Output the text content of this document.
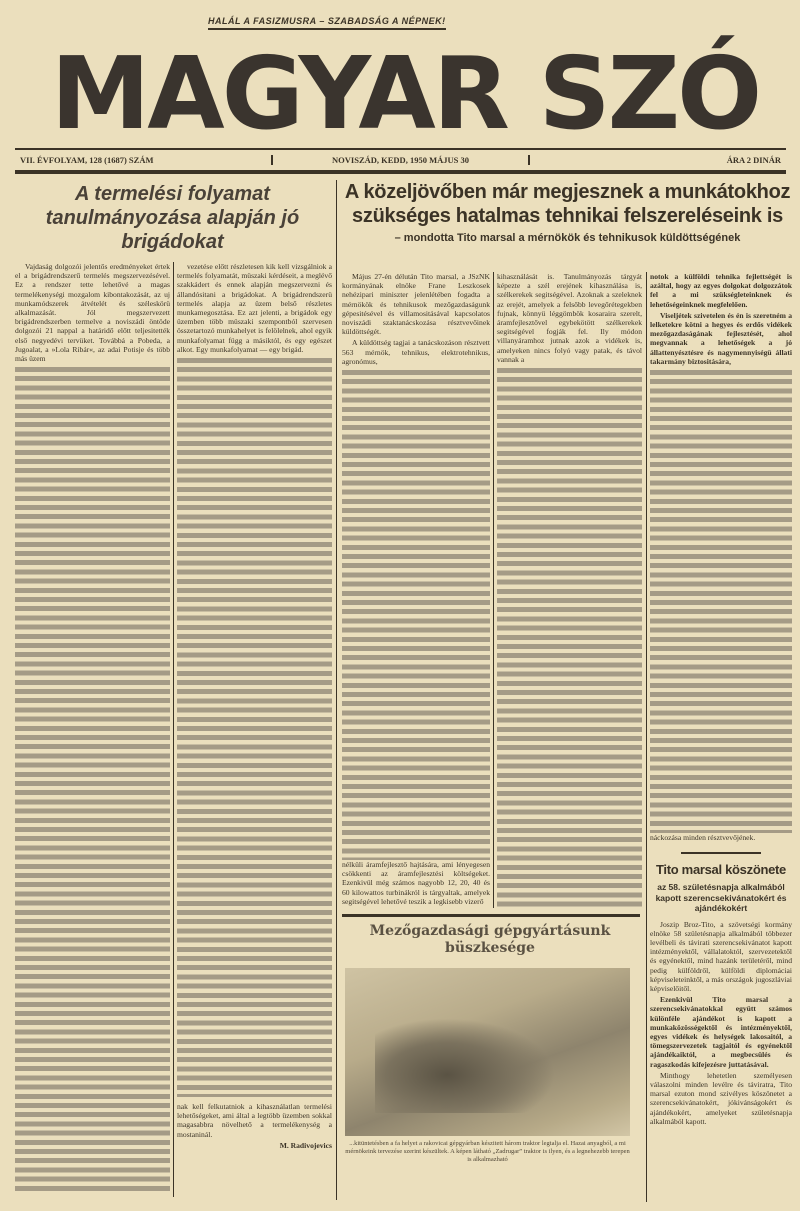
HALÁL A FASIZMUSRA – SZABADSÁG A NÉPNEK!
MAGYAR SZÓ
VII. ÉVFOLYAM, 128 (1687) SZÁM	NOVISZÁD, KEDD, 1950 MÁJUS 30	ÁRA 2 DINÁR
A termelési folyamat tanulmányozása alapján jó brigádokat

Vajdaság dolgozói jelentős eredményeket értek el a brigádrendszerű termelés megszervezésével. Ez a rendszer tette lehetővé a magas termelékenységi mozgalom kibontakozását, az uj munkamódszerek átvételét és széleskörü alkalmazását. Jól megszervezett brigádrendszerben termelve a noviszádi öntöde dolgozói 21 nappal a határidő előtt teljesitették első negyedévi tervüket. Továbbá a Pobeda, a Jugoalat, a »Lola Ribár«, az adai Potisje és több más üzem

vezetése előtt részletesen kik kell vizsgálniok a termelés folyamatát, müszaki kérdéseit, a meglévő szakkádert és ennek alapján megszervezni és állandósitani a brigádokat. A brigádrendszerü termelés alapja az üzem belső részletes munkamegosztása. Ez azt jelenti, a brigádok egy üzemben több müszaki szempontból szervesen összetartozó munkahelyet is felölelnek, ahol egyik munkafolyamat függ a másiktól, és egy egészet alkot. Egy munkafolyamat — egy brigád.

nak kell felkutatniok a kihasználatlan termelési lehetőségeket, ami által a legtöbb üzemben sokkal magasabbra növelhető a termelékenység a mostaninál.

M. Radivojevics
A közeljövőben már megjesznek a munkátokhoz szükséges hatalmas tehnikai felszereléseink is
– mondotta Tito marsal a mérnökök és tehnikusok küldöttségének

Május 27-én délután Tito marsal, a JSzNK kormányának elnöke Frane Leszkosek nehézipari miniszter jelenlétében fogadta a mérnökök és tehnikusok mezőgazdaságunk gépesitésével és villamositásával kapcsolatos noviszádi szaktanácskozása résztvevőinek küldöttségét.

A küldöttség tagjai a tanácskozáson résztvett 563 mérnök, tehnikus, elektrotehnikus, agronómus,

nélküli áramfejlesztő hajtására, ami lényegesen csökkenti az áramfejlesztési költségeket. Ezenkivül még számos nagyobb 12, 20, 40 és 60 kilowattos turbinákról is tárgyaltak, amelyek segitségével lehetővé teszik a legkisebb vizerő

kihasználását is. Tanulmányozás tárgyát képezte a szél erejének kihasználása is, szélkerekek segitségével. Azoknak a szeleknek az erejét, amelyek a felsőbb levegőrétegekben fujnak, könnyü léggömbök kosaraira szerelt, áramfejlesztővel egybekötött szélkerekek segitségével fogják fel. Ily módon villanyáramhoz jutnak azok a vidékek is, amelyeken nincs folyó vagy patak, és távol vannak a

notok a külföldi tehnika fejlettségét is azáltal, hogy az egyes dolgokat dolgozzátok fel a mi szükségleteinknek és lehetőségeinknek megfelelően.

Viseljétek szivetelen és én is szeretném a lelketekre kötni a hegyes és erdős vidékek mezőgazdaságának fejlesztését, ahol megvannak a lehetőségek a jó állattenyésztésre és nagymennyiségü állati takarmány biztositására,

náckozása minden résztvevőjének.

Mezőgazdasági gépgyártásunk büszkesége
...kitüntetésben a fa helyet a rakovicai gépgyárban készitett három traktor legtalja el. Hazai anyagból, a mi mérnökeink tervezése szerint készültek. A képen látható „Zadrugar” traktor is ilyen, és a legnehezebb terepen is alkalmazható
Tito marsal köszönete
az 58. születésnapja alkalmából kapott szerencsekivánatokért és ajándékokért

Joszip Broz-Tito, a szövetségi kormány elnöke 58 születésnapja alkalmából többezer levélbeli és távirati szerencsekivánatot kapott intézményektől, vállalatoktól, szervezetektől és egyénektől, mind hazánk területéről, mind pedig külföldről, külföldi diplomáciai képviseleteinktől, a más országok jugoszláviai képviselőitől.

Ezenkivül Tito marsal a szerencsekivánatokkal együtt számos különféle ajándékot is kapott a munkaközösségektől és intézményektől, egyes vidékek és helységek lakosaitól, a tömegszervezetek tagjaitól és egyénektől ajándékaiktól, a megbecsülés és ragaszkodás kifejezésre juttatásával.

Minthogy lehetetlen személyesen válaszolni minden levélre és táviratra, Tito marsal ezuton mond szivélyes köszönetet a szerencsekivánatokért, jókivánságokért és ajándékokért, amelyeket születésnapja alkalmából kapott.
